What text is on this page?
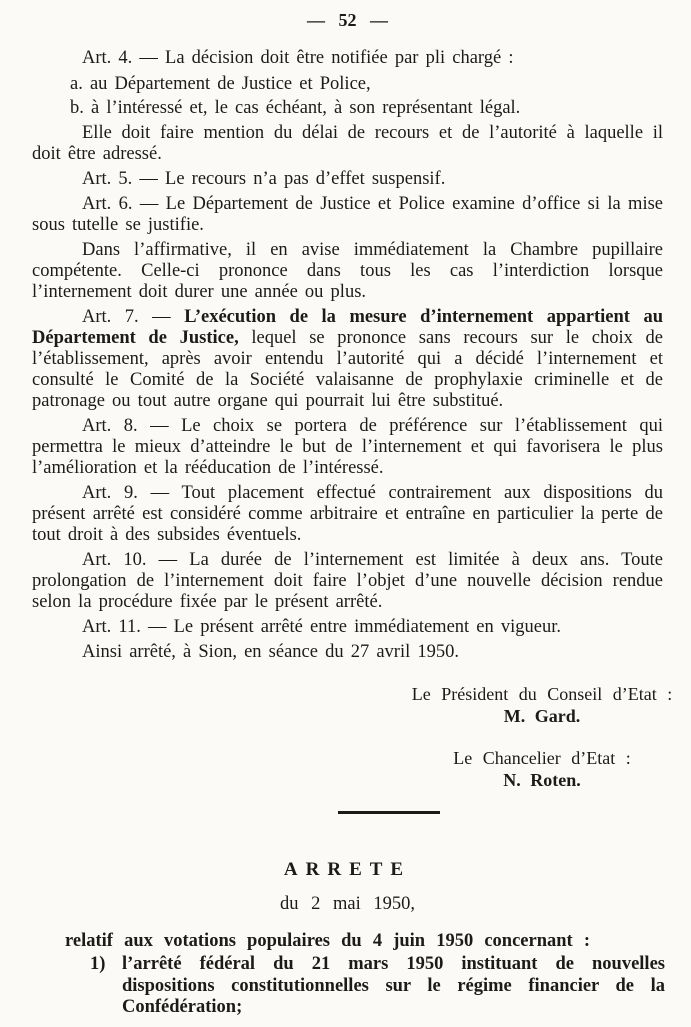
— 52 —

Art. 4. — La décision doit être notifiée par pli chargé :

a. au Département de Justice et Police,
b. à l’intéressé et, le cas échéant, à son représentant légal.

Elle doit faire mention du délai de recours et de l’autorité à laquelle il doit être adressé.

Art. 5. — Le recours n’a pas d’effet suspensif.

Art. 6. — Le Département de Justice et Police examine d’office si la mise sous tutelle se justifie.

Dans l’affirmative, il en avise immédiatement la Chambre pupillaire compétente. Celle-ci prononce dans tous les cas l’interdiction lorsque l’internement doit durer une année ou plus.

Art. 7. — L’exécution de la mesure d’internement appartient au Département de Justice, lequel se prononce sans recours sur le choix de l’établissement, après avoir entendu l’autorité qui a décidé l’internement et consulté le Comité de la Société valaisanne de prophylaxie criminelle et de patronage ou tout autre organe qui pourrait lui être substitué.

Art. 8. — Le choix se portera de préférence sur l’établissement qui permettra le mieux d’atteindre le but de l’internement et qui favorisera le plus l’amélioration et la rééducation de l’intéressé.

Art. 9. — Tout placement effectué contrairement aux dispositions du présent arrêté est considéré comme arbitraire et entraîne en particulier la perte de tout droit à des subsides éventuels.

Art. 10. — La durée de l’internement est limitée à deux ans. Toute prolongation de l’internement doit faire l’objet d’une nouvelle décision rendue selon la procédure fixée par le présent arrêté.

Art. 11. — Le présent arrêté entre immédiatement en vigueur.

Ainsi arrêté, à Sion, en séance du 27 avril 1950.

Le Président du Conseil d’Etat :
M. Gard.
Le Chancelier d’Etat :
N. Roten.
ARRETE
du 2 mai 1950,
relatif aux votations populaires du 4 juin 1950 concernant :
1) l’arrêté fédéral du 21 mars 1950 instituant de nouvelles dispositions constitutionnelles sur le régime financier de la Confédération;
